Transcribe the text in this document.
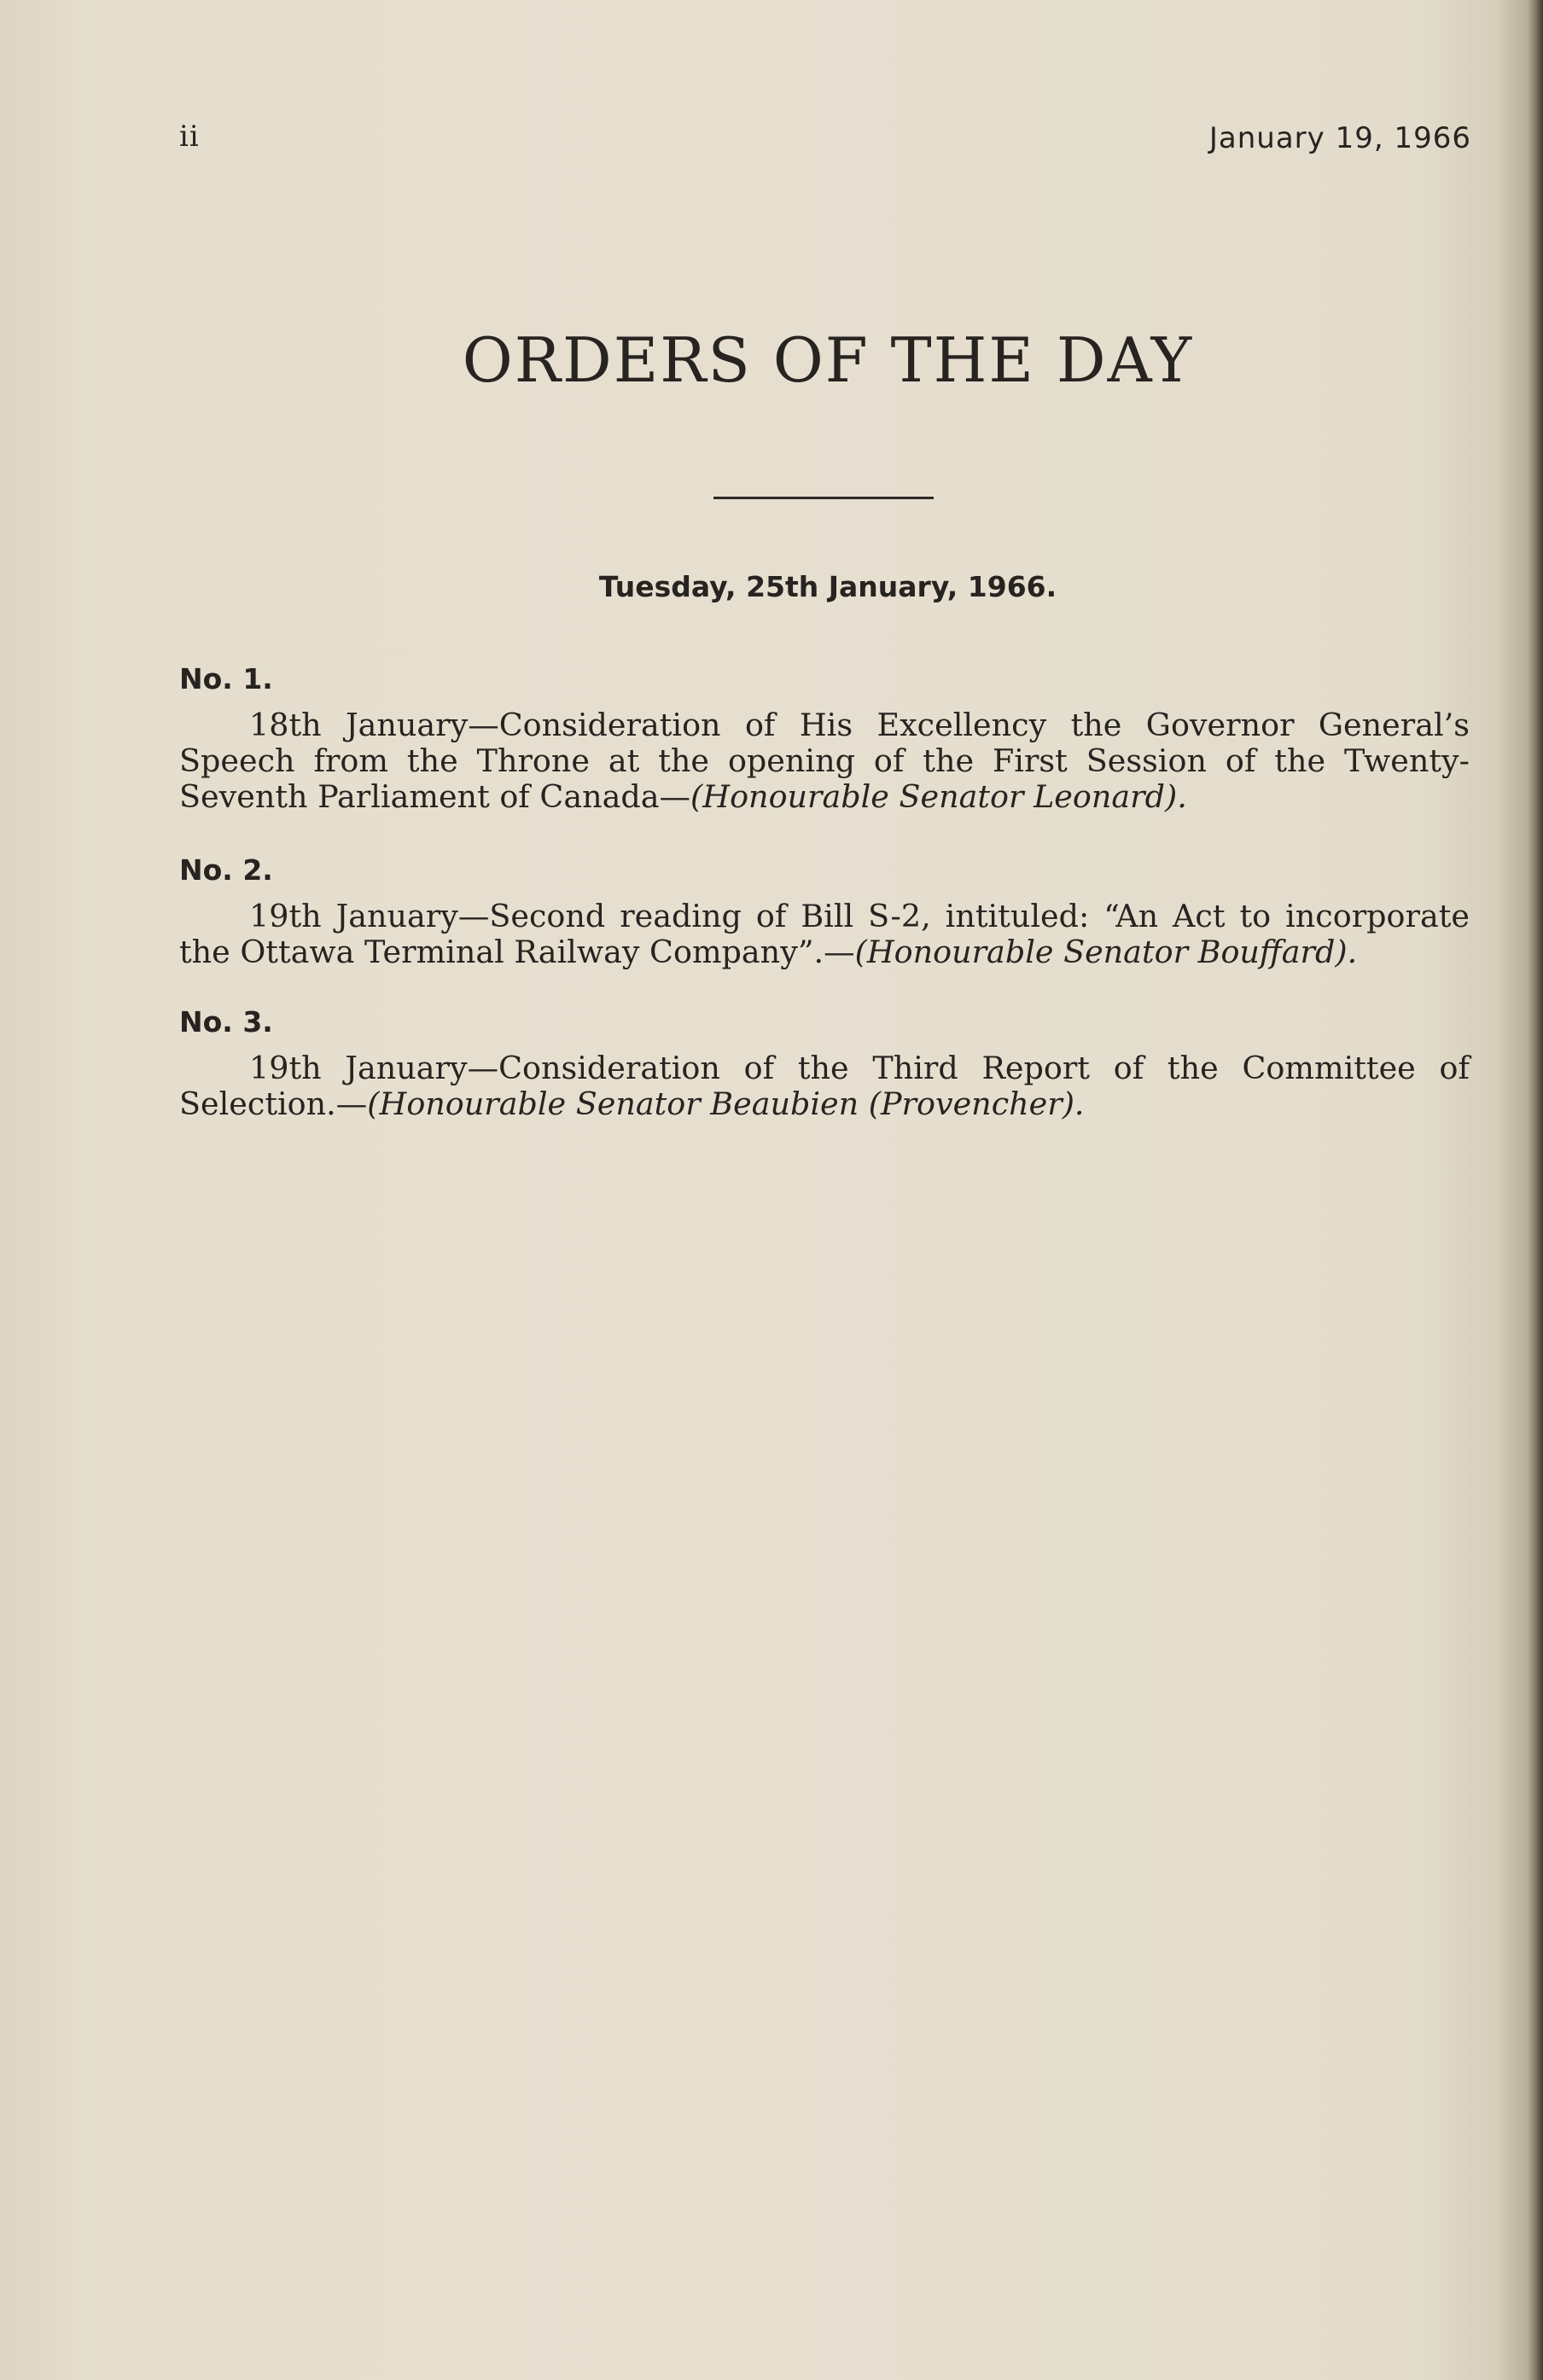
ii	January 19, 1966
ORDERS OF THE DAY
Tuesday, 25th January, 1966.
No. 1.

18th January—Consideration of His Excellency the Governor General’s Speech from the Throne at the opening of the First Session of the Twenty-Seventh Parliament of Canada—(Honourable Senator Leonard).

No. 2.

19th January—Second reading of Bill S-2, intituled: “An Act to incorporate the Ottawa Terminal Railway Company”.—(Honourable Senator Bouffard).

No. 3.

19th January—Consideration of the Third Report of the Committee of Selection.—(Honourable Senator Beaubien (Provencher).
